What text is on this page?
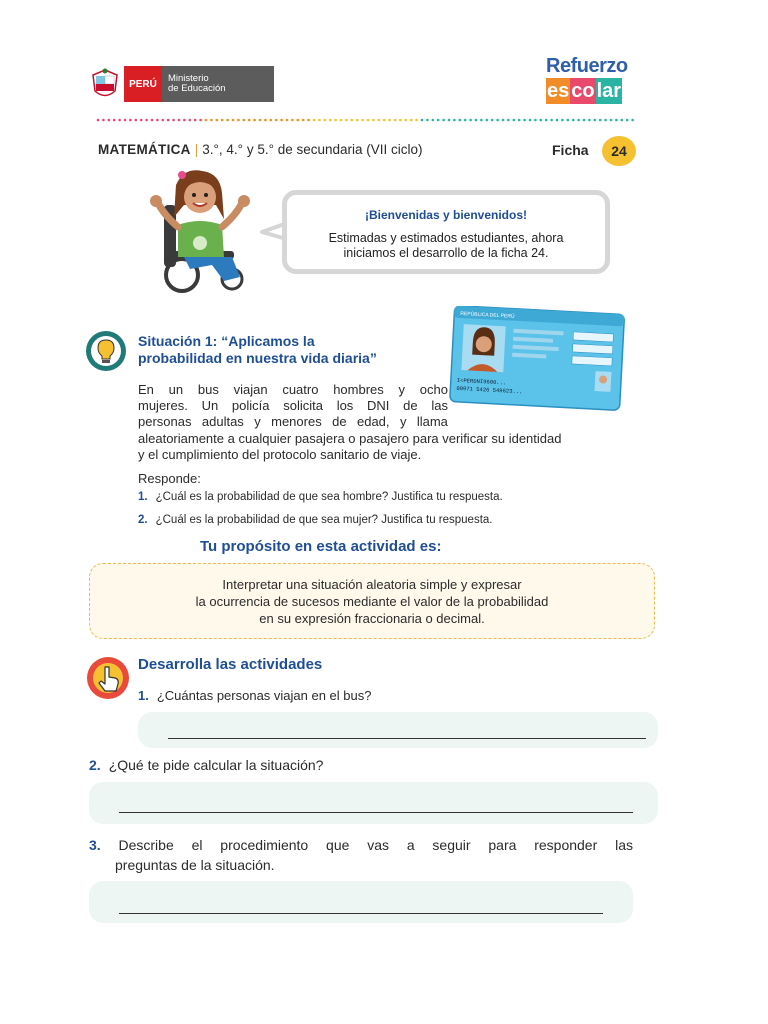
PERÚ	Ministerio
de Educación
Refuerzo
es co lar
MATEMÁTICA | 3.°, 4.° y 5.° de secundaria (VII ciclo)	Ficha	24
¡Bienvenidas y bienvenidos!
Estimadas y estimados estudiantes, ahora
iniciamos el desarrollo de la ficha 24.
Situación 1: “Aplicamos la
probabilidad en nuestra vida diaria”
REPÚBLICA DEL PERÚ
I<PERDNI9600...
00971 5426 548623...
En un bus viajan cuatro hombres y ocho
mujeres. Un policía solicita los DNI de las
personas adultas y menores de edad, y llama
aleatoriamente a cualquier pasajera o pasajero para verificar su identidad
y el cumplimiento del protocolo sanitario de viaje.
Responde:
1. ¿Cuál es la probabilidad de que sea hombre? Justifica tu respuesta.
2. ¿Cuál es la probabilidad de que sea mujer? Justifica tu respuesta.
Tu propósito en esta actividad es:
Interpretar una situación aleatoria simple y expresar
la ocurrencia de sucesos mediante el valor de la probabilidad
en su expresión fraccionaria o decimal.
Desarrolla las actividades
1. ¿Cuántas personas viajan en el bus?
2. ¿Qué te pide calcular la situación?
3. Describe el procedimiento que vas a seguir para responder las
preguntas de la situación.
